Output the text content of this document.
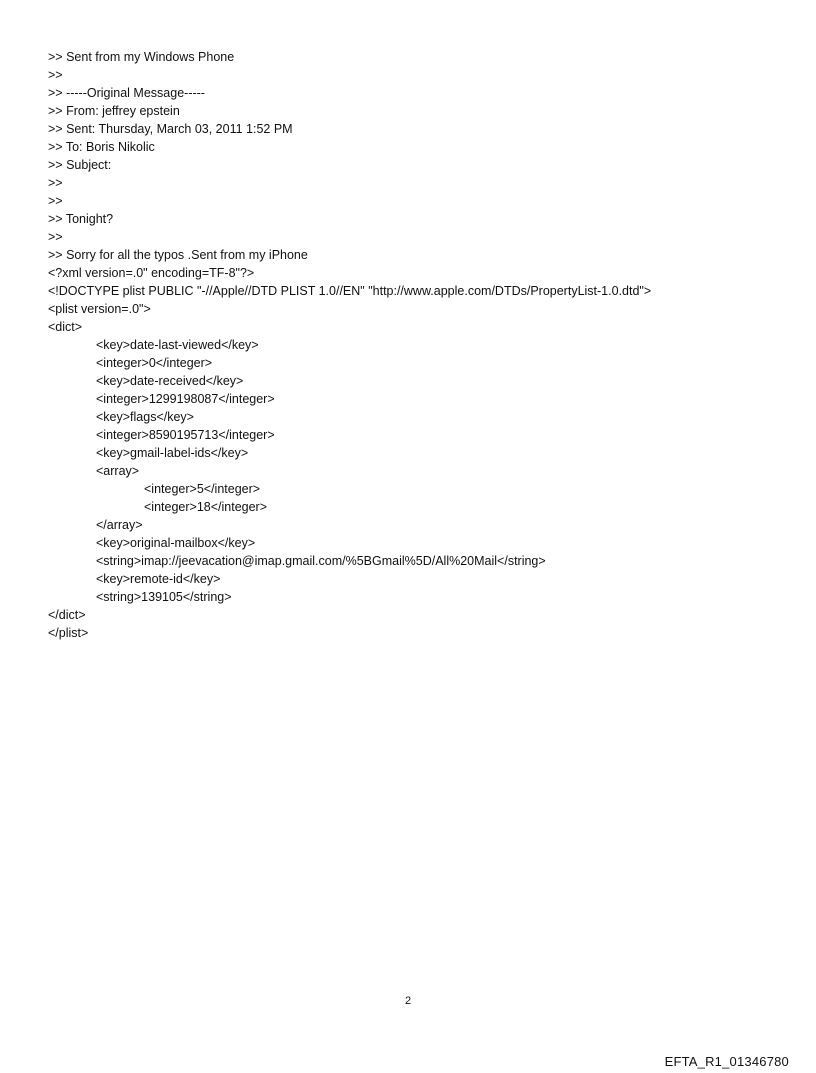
>> Sent from my Windows Phone
>>
>> -----Original Message-----
>> From: jeffrey epstein
>> Sent: Thursday, March 03, 2011 1:52 PM
>> To: Boris Nikolic
>> Subject:
>>
>>
>> Tonight?
>>
>> Sorry for all the typos .Sent from my iPhone
<?xml version=.0" encoding=TF-8"?>
<!DOCTYPE plist PUBLIC "-//Apple//DTD PLIST 1.0//EN" "http://www.apple.com/DTDs/PropertyList-1.0.dtd">
<plist version=.0">
<dict>
<key>date-last-viewed</key>
<integer>0</integer>
<key>date-received</key>
<integer>1299198087</integer>
<key>flags</key>
<integer>8590195713</integer>
<key>gmail-label-ids</key>
<array>
<integer>5</integer>
<integer>18</integer>
</array>
<key>original-mailbox</key>
<string>imap://jeevacation@imap.gmail.com/%5BGmail%5D/All%20Mail</string>
<key>remote-id</key>
<string>139105</string>
</dict>
</plist>
2
EFTA_R1_01346780
